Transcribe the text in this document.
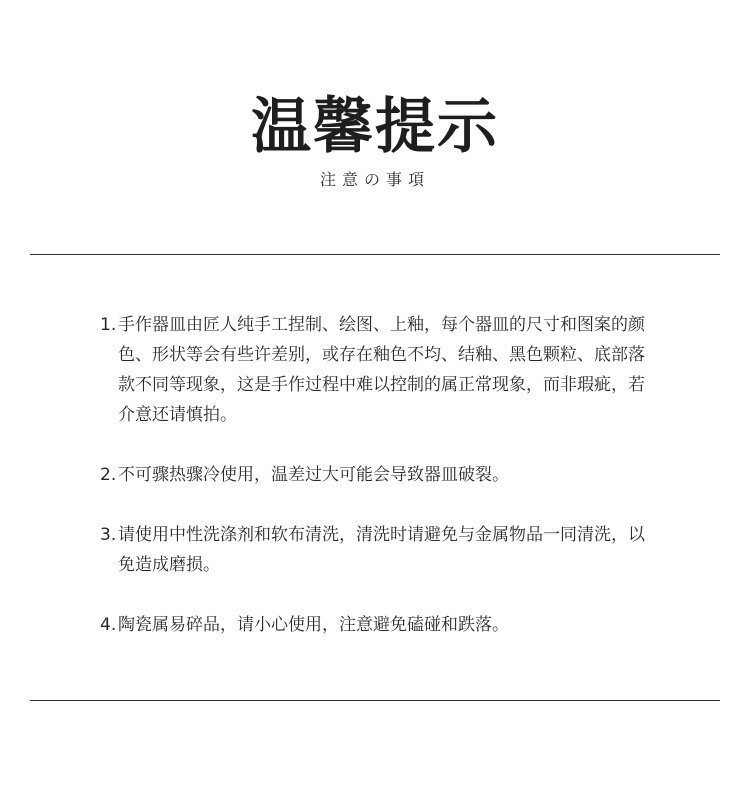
温馨提示
注意の事項
1. 手作器皿由匠人纯手工捏制、绘图、上釉，每个器皿的尺寸和图案的颜色、形状等会有些许差别，或存在釉色不均、结釉、黑色颗粒、底部落款不同等现象，这是手作过程中难以控制的属正常现象，而非瑕疵，若介意还请慎拍。
2. 不可骤热骤冷使用，温差过大可能会导致器皿破裂。
3. 请使用中性洗涤剂和软布清洗，清洗时请避免与金属物品一同清洗，以免造成磨损。
4. 陶瓷属易碎品，请小心使用，注意避免磕碰和跌落。
